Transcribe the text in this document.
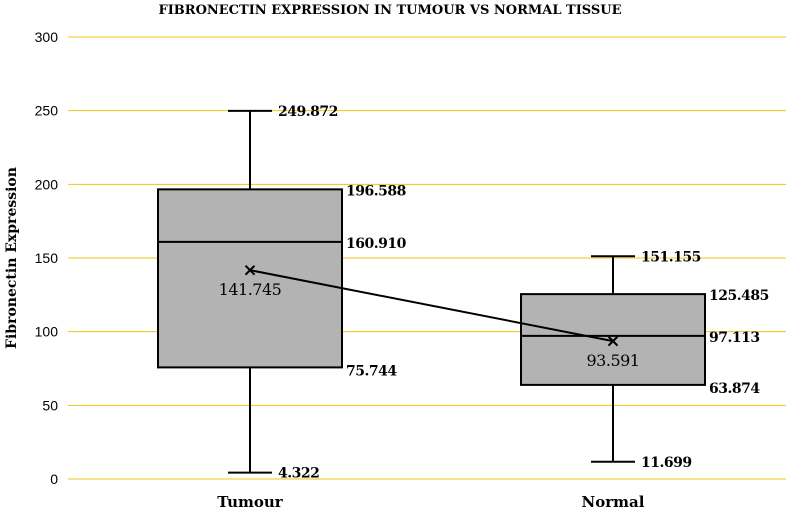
FIBRONECTIN EXPRESSION IN TUMOUR VS NORMAL TISSUE
Fibronectin Expression
0
50
100
150
200
250
300
249.872
196.588
160.910
75.744
4.322
141.745
151.155
125.485
97.113
63.874
11.699
93.591
Tumour	Normal
